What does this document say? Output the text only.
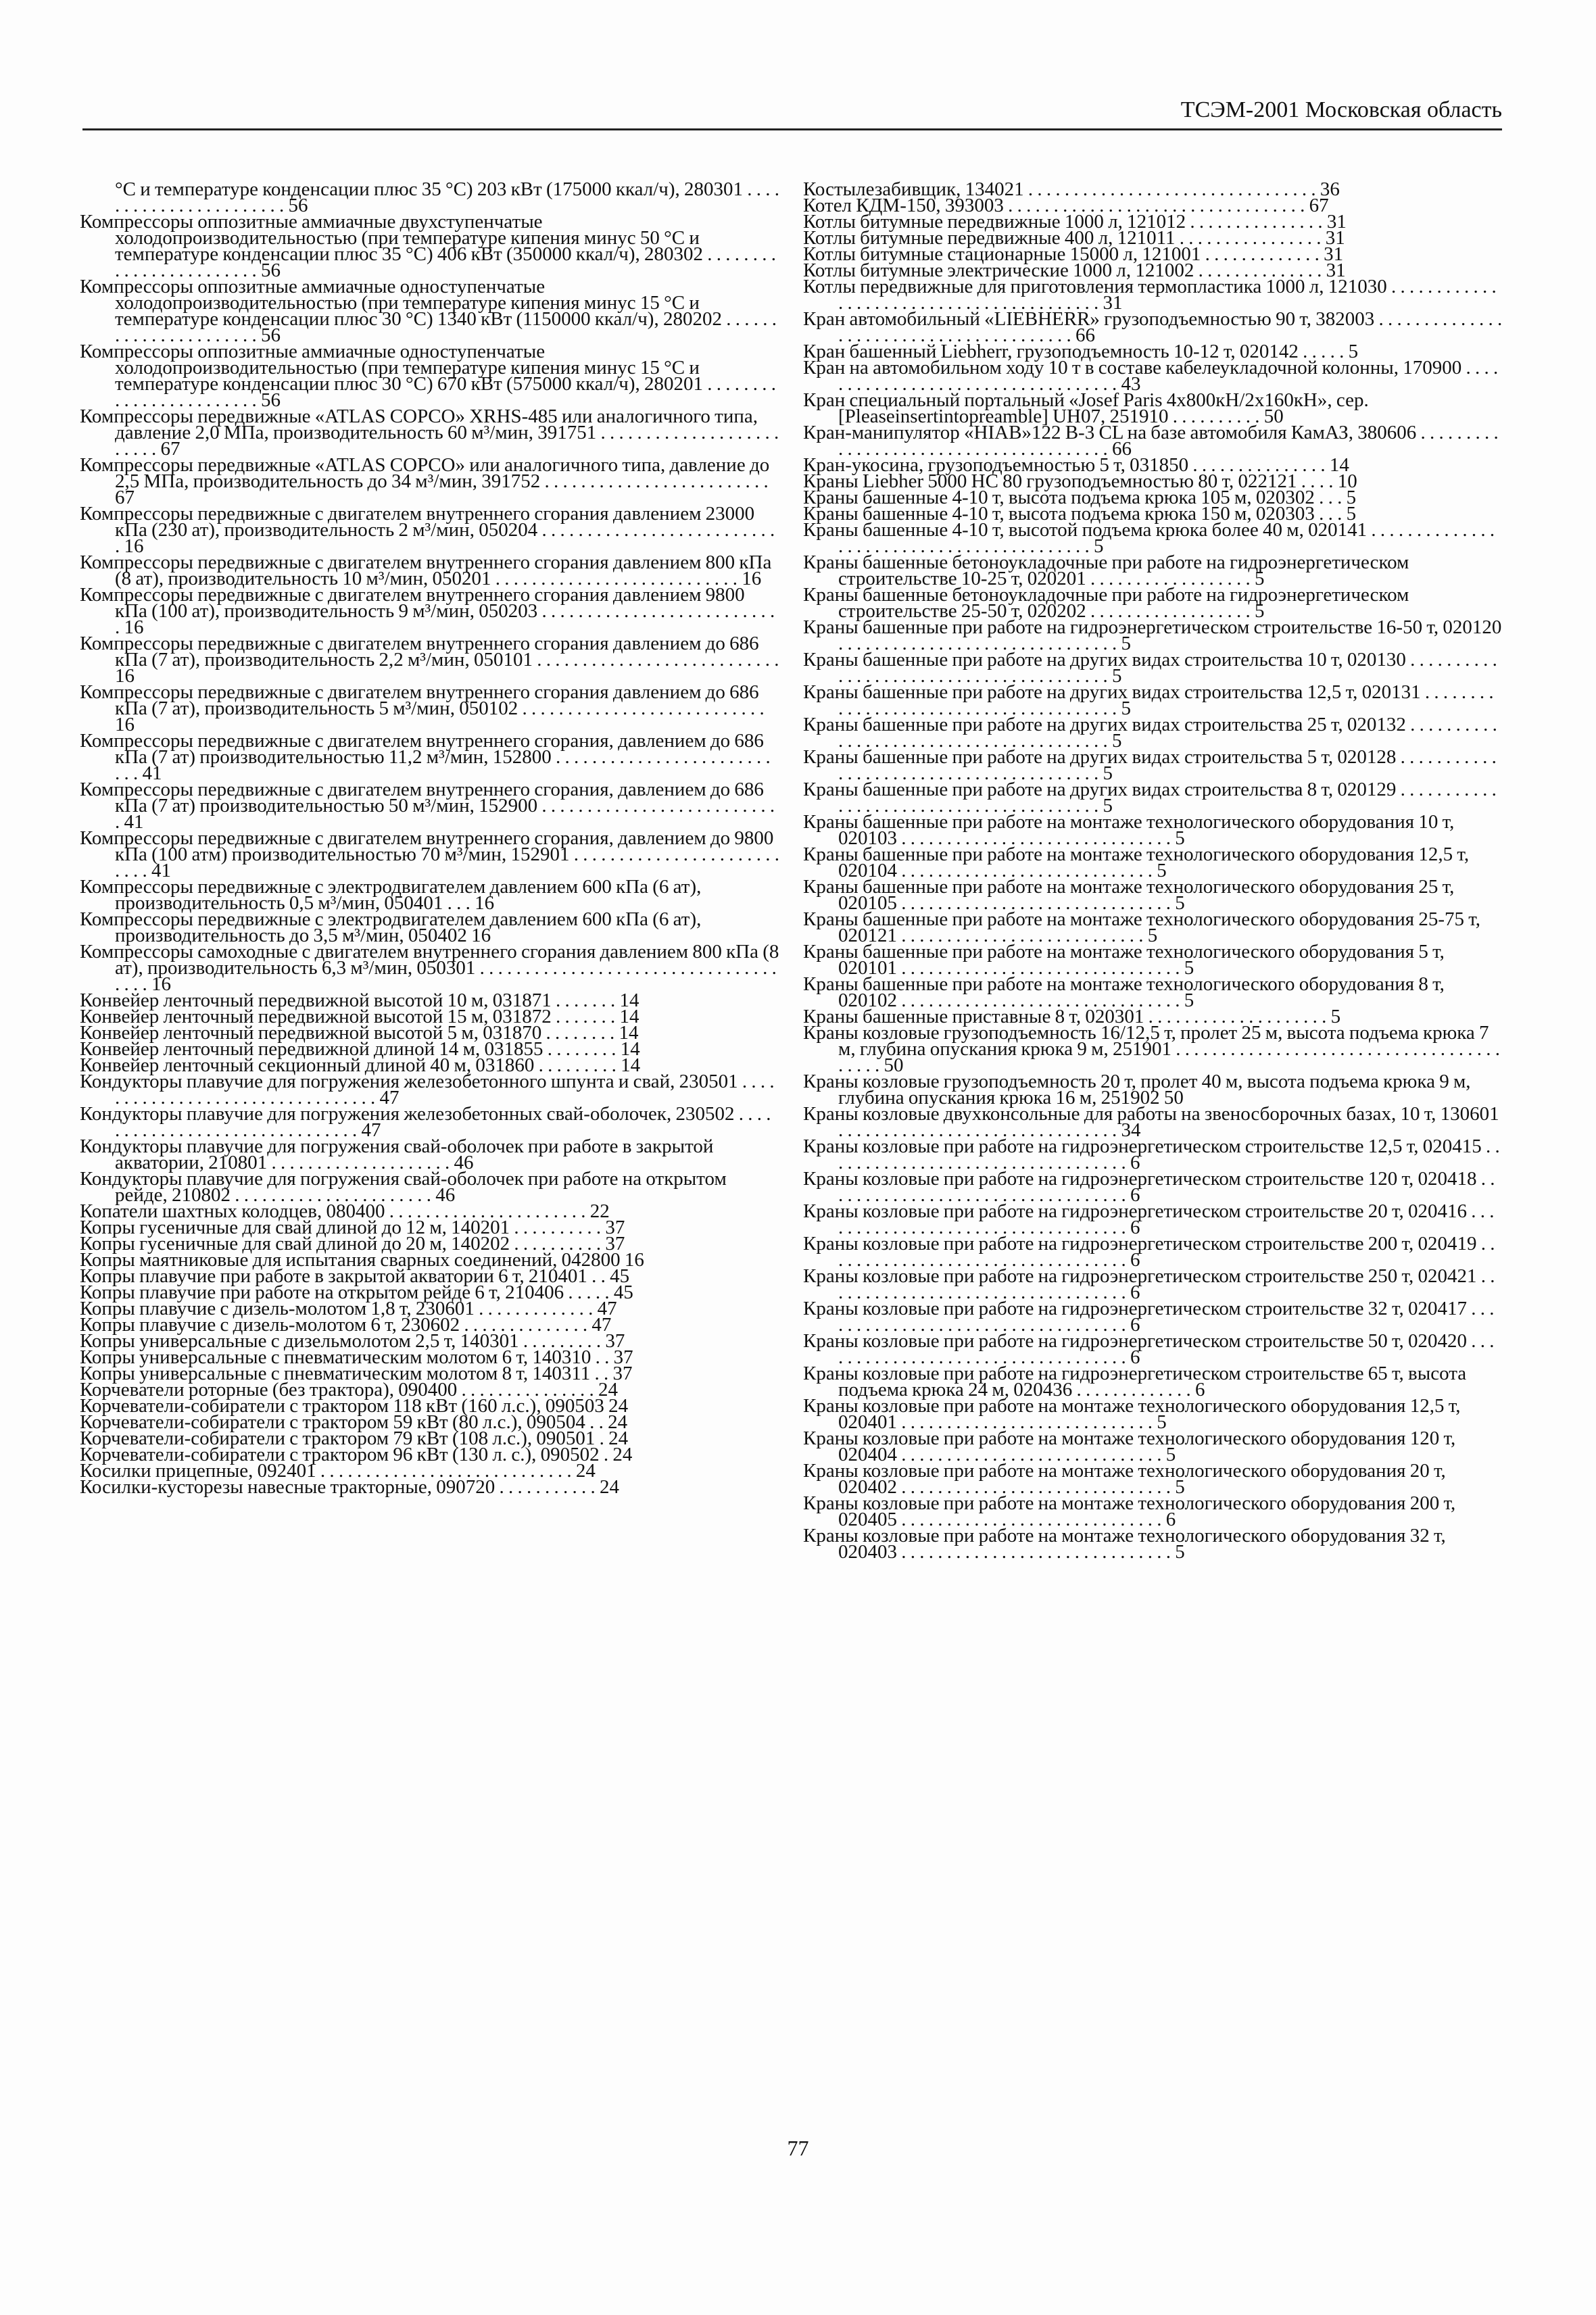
ТСЭМ-2001 Московская область

°С и температуре конденсации плюс 35 °С) 203 кВт (175000 ккал/ч), 280301 . . . . . . . . . . . . . . . . . . . . . . . 56

Компрессоры оппозитные аммиачные двухступенчатые холодопроизводительностью (при температуре кипения минус 50 °С и температуре конденсации плюс 35 °С) 406 кВт (350000 ккал/ч), 280302 . . . . . . . . . . . . . . . . . . . . . . . . 56

Компрессоры оппозитные аммиачные одноступенчатые холодопроизводительностью (при температуре кипения минус 15 °С и температуре конденсации плюс 30 °С) 1340 кВт (1150000 ккал/ч), 280202 . . . . . . . . . . . . . . . . . . . . . . 56

Компрессоры оппозитные аммиачные одноступенчатые холодопроизводительностью (при температуре кипения минус 15 °С и температуре конденсации плюс 30 °С) 670 кВт (575000 ккал/ч), 280201 . . . . . . . . . . . . . . . . . . . . . . . . 56

Компрессоры передвижные «ATLAS COPCO» XRHS-485 или аналогичного типа, давление 2,0 МПа, производительность 60 м³/мин, 391751 . . . . . . . . . . . . . . . . . . . . . . . . . 67

Компрессоры передвижные «ATLAS COPCO» или аналогичного типа, давление до 2,5 МПа, производительность до 34 м³/мин, 391752 . . . . . . . . . . . . . . . . . . . . . . . . . 67

Компрессоры передвижные с двигателем внутреннего сгорания давлением 23000 кПа (230 ат), производительность 2 м³/мин, 050204 . . . . . . . . . . . . . . . . . . . . . . . . . . . 16

Компрессоры передвижные с двигателем внутреннего сгорания давлением 800 кПа (8 ат), производительность 10 м³/мин, 050201 . . . . . . . . . . . . . . . . . . . . . . . . . . . 16

Компрессоры передвижные с двигателем внутреннего сгорания давлением 9800 кПа (100 ат), производительность 9 м³/мин, 050203 . . . . . . . . . . . . . . . . . . . . . . . . . . . 16

Компрессоры передвижные с двигателем внутреннего сгорания давлением до 686 кПа (7 ат), производительность 2,2 м³/мин, 050101 . . . . . . . . . . . . . . . . . . . . . . . . . . . 16

Компрессоры передвижные с двигателем внутреннего сгорания давлением до 686 кПа (7 ат), производительность 5 м³/мин, 050102 . . . . . . . . . . . . . . . . . . . . . . . . . . . 16

Компрессоры передвижные с двигателем внутреннего сгорания, давлением до 686 кПа (7 ат) производительностью 11,2 м³/мин, 152800 . . . . . . . . . . . . . . . . . . . . . . . . . . . 41

Компрессоры передвижные с двигателем внутреннего сгорания, давлением до 686 кПа (7 ат) производительностью 50 м³/мин, 152900 . . . . . . . . . . . . . . . . . . . . . . . . . . . 41

Компрессоры передвижные с двигателем внутреннего сгорания, давлением до 9800 кПа (100 атм) производительностью 70 м³/мин, 152901 . . . . . . . . . . . . . . . . . . . . . . . . . . . 41

Компрессоры передвижные с электродвигателем давлением 600 кПа (6 ат), производительность 0,5 м³/мин, 050401 . . . 16

Компрессоры передвижные с электродвигателем давлением 600 кПа (6 ат), производительность до 3,5 м³/мин, 050402 16

Компрессоры самоходные с двигателем внутреннего сгорания давлением 800 кПа (8 ат), производительность 6,3 м³/мин, 050301 . . . . . . . . . . . . . . . . . . . . . . . . . . . . . . . . . . . . . 16

Конвейер ленточный передвижной высотой 10 м, 031871 . . . . . . . 14

Конвейер ленточный передвижной высотой 15 м, 031872 . . . . . . . 14

Конвейер ленточный передвижной высотой 5 м, 031870 . . . . . . . . 14

Конвейер ленточный передвижной длиной 14 м, 031855 . . . . . . . . 14

Конвейер ленточный секционный длиной 40 м, 031860 . . . . . . . . . 14

Кондукторы плавучие для погружения железобетонного шпунта и свай, 230501 . . . . . . . . . . . . . . . . . . . . . . . . . . . . . . . . . 47

Кондукторы плавучие для погружения железобетонных свай-оболочек, 230502 . . . . . . . . . . . . . . . . . . . . . . . . . . . . . . . 47

Кондукторы плавучие для погружения свай-оболочек при работе в закрытой акватории, 210801 . . . . . . . . . . . . . . . . . . . . 46

Кондукторы плавучие для погружения свай-оболочек при работе на открытом рейде, 210802 . . . . . . . . . . . . . . . . . . . . . . 46

Копатели шахтных колодцев, 080400 . . . . . . . . . . . . . . . . . . . . . . 22

Копры гусеничные для свай длиной до 12 м, 140201 . . . . . . . . . . 37

Копры гусеничные для свай длиной до 20 м, 140202 . . . . . . . . . . 37

Копры маятниковые для испытания сварных соединений, 042800 16

Копры плавучие при работе в закрытой акватории 6 т, 210401 . . 45

Копры плавучие при работе на открытом рейде 6 т, 210406 . . . . . 45

Копры плавучие с дизель-молотом 1,8 т, 230601 . . . . . . . . . . . . . 47

Копры плавучие с дизель-молотом 6 т, 230602 . . . . . . . . . . . . . . 47

Копры универсальные с дизельмолотом 2,5 т, 140301 . . . . . . . . . 37

Копры универсальные с пневматическим молотом 6 т, 140310 . . 37

Копры универсальные с пневматическим молотом 8 т, 140311 . . 37

Корчеватели роторные (без трактора), 090400 . . . . . . . . . . . . . . . 24

Корчеватели-собиратели с трактором 118 кВт (160 л.с.), 090503 24

Корчеватели-собиратели с трактором 59 кВт (80 л.с.), 090504 . . 24

Корчеватели-собиратели с трактором 79 кВт (108 л.с.), 090501 . 24

Корчеватели-собиратели с трактором 96 кВт (130 л. с.), 090502 . 24

Косилки прицепные, 092401 . . . . . . . . . . . . . . . . . . . . . . . . . . . . 24

Косилки-кусторезы навесные тракторные, 090720 . . . . . . . . . . . 24

Костылезабивщик, 134021 . . . . . . . . . . . . . . . . . . . . . . . . . . . . . . . . 36

Котел КДМ-150, 393003 . . . . . . . . . . . . . . . . . . . . . . . . . . . . . . . . . 67

Котлы битумные передвижные 1000 л, 121012 . . . . . . . . . . . . . . . 31

Котлы битумные передвижные 400 л, 121011 . . . . . . . . . . . . . . . . 31

Котлы битумные стационарные 15000 л, 121001 . . . . . . . . . . . . . 31

Котлы битумные электрические 1000 л, 121002 . . . . . . . . . . . . . . 31

Котлы передвижные для приготовления термопластика 1000 л, 121030 . . . . . . . . . . . . . . . . . . . . . . . . . . . . . . . . . . . . . . . . . 31

Кран автомобильный «LIEBHERR» грузоподъемностью 90 т, 382003 . . . . . . . . . . . . . . . . . . . . . . . . . . . . . . . . . . . . . . . . 66

Кран башенный Liebherr, грузоподъемность 10-12 т, 020142 . . . . . 5

Кран на автомобильном ходу 10 т в составе кабелеукладочной колонны, 170900 . . . . . . . . . . . . . . . . . . . . . . . . . . . . . . . . . . . 43

Кран специальный портальный «Josef Paris 4x800кН/2x160кН», сер. [Pleaseinsertintopreamble] UH07, 251910 . . . . . . . . . . 50

Кран-манипулятор «HIAB»122 В-3 CL на базе автомобиля КамАЗ, 380606 . . . . . . . . . . . . . . . . . . . . . . . . . . . . . . . . . . . . . . . 66

Кран-укосина, грузоподъемностью 5 т, 031850 . . . . . . . . . . . . . . . 14

Краны Liebher 5000 HC 80 грузоподъемностью 80 т, 022121 . . . . 10

Краны башенные 4-10 т, высота подъема крюка 105 м, 020302 . . . 5

Краны башенные 4-10 т, высота подъема крюка 150 м, 020303 . . . 5

Краны башенные 4-10 т, высотой подъема крюка более 40 м, 020141 . . . . . . . . . . . . . . . . . . . . . . . . . . . . . . . . . . . . . . . . . . 5

Краны башенные бетоноукладочные при работе на гидроэнергетическом строительстве 10-25 т, 020201 . . . . . . . . . . . . . . . . . . 5

Краны башенные бетоноукладочные при работе на гидроэнергетическом строительстве 25-50 т, 020202 . . . . . . . . . . . . . . . . . . 5

Краны башенные при работе на гидроэнергетическом строительстве 16-50 т, 020120 . . . . . . . . . . . . . . . . . . . . . . . . . . . . . . . 5

Краны башенные при работе на других видах строительства 10 т, 020130 . . . . . . . . . . . . . . . . . . . . . . . . . . . . . . . . . . . . . . . . 5

Краны башенные при работе на других видах строительства 12,5 т, 020131 . . . . . . . . . . . . . . . . . . . . . . . . . . . . . . . . . . . . . . . 5

Краны башенные при работе на других видах строительства 25 т, 020132 . . . . . . . . . . . . . . . . . . . . . . . . . . . . . . . . . . . . . . . . 5

Краны башенные при работе на других видах строительства 5 т, 020128 . . . . . . . . . . . . . . . . . . . . . . . . . . . . . . . . . . . . . . . . 5

Краны башенные при работе на других видах строительства 8 т, 020129 . . . . . . . . . . . . . . . . . . . . . . . . . . . . . . . . . . . . . . . . 5

Краны башенные при работе на монтаже технологического оборудования 10 т, 020103 . . . . . . . . . . . . . . . . . . . . . . . . . . . . . . 5

Краны башенные при работе на монтаже технологического оборудования 12,5 т, 020104 . . . . . . . . . . . . . . . . . . . . . . . . . . . . 5

Краны башенные при работе на монтаже технологического оборудования 25 т, 020105 . . . . . . . . . . . . . . . . . . . . . . . . . . . . . . 5

Краны башенные при работе на монтаже технологического оборудования 25-75 т, 020121 . . . . . . . . . . . . . . . . . . . . . . . . . . . 5

Краны башенные при работе на монтаже технологического оборудования 5 т, 020101 . . . . . . . . . . . . . . . . . . . . . . . . . . . . . . . 5

Краны башенные при работе на монтаже технологического оборудования 8 т, 020102 . . . . . . . . . . . . . . . . . . . . . . . . . . . . . . . 5

Краны башенные приставные 8 т, 020301 . . . . . . . . . . . . . . . . . . . . 5

Краны козловые грузоподъемность 16/12,5 т, пролет 25 м, высота подъема крюка 7 м, глубина опускания крюка 9 м, 251901 . . . . . . . . . . . . . . . . . . . . . . . . . . . . . . . . . . . . . . . . . 50

Краны козловые грузоподъемность 20 т, пролет 40 м, высота подъема крюка 9 м, глубина опускания крюка 16 м, 251902 50

Краны козловые двухконсольные для работы на звеносборочных базах, 10 т, 130601 . . . . . . . . . . . . . . . . . . . . . . . . . . . . . . . 34

Краны козловые при работе на гидроэнергетическом строительстве 12,5 т, 020415 . . . . . . . . . . . . . . . . . . . . . . . . . . . . . . . . . . 6

Краны козловые при работе на гидроэнергетическом строительстве 120 т, 020418 . . . . . . . . . . . . . . . . . . . . . . . . . . . . . . . . . . 6

Краны козловые при работе на гидроэнергетическом строительстве 20 т, 020416 . . . . . . . . . . . . . . . . . . . . . . . . . . . . . . . . . . . 6

Краны козловые при работе на гидроэнергетическом строительстве 200 т, 020419 . . . . . . . . . . . . . . . . . . . . . . . . . . . . . . . . . . 6

Краны козловые при работе на гидроэнергетическом строительстве 250 т, 020421 . . . . . . . . . . . . . . . . . . . . . . . . . . . . . . . . . . 6

Краны козловые при работе на гидроэнергетическом строительстве 32 т, 020417 . . . . . . . . . . . . . . . . . . . . . . . . . . . . . . . . . . . 6

Краны козловые при работе на гидроэнергетическом строительстве 50 т, 020420 . . . . . . . . . . . . . . . . . . . . . . . . . . . . . . . . . . . 6

Краны козловые при работе на гидроэнергетическом строительстве 65 т, высота подъема крюка 24 м, 020436 . . . . . . . . . . . . . 6

Краны козловые при работе на монтаже технологического оборудования 12,5 т, 020401 . . . . . . . . . . . . . . . . . . . . . . . . . . . . 5

Краны козловые при работе на монтаже технологического оборудования 120 т, 020404 . . . . . . . . . . . . . . . . . . . . . . . . . . . . . 5

Краны козловые при работе на монтаже технологического оборудования 20 т, 020402 . . . . . . . . . . . . . . . . . . . . . . . . . . . . . . 5

Краны козловые при работе на монтаже технологического оборудования 200 т, 020405 . . . . . . . . . . . . . . . . . . . . . . . . . . . . . 6

Краны козловые при работе на монтаже технологического оборудования 32 т, 020403 . . . . . . . . . . . . . . . . . . . . . . . . . . . . . . 5

77
